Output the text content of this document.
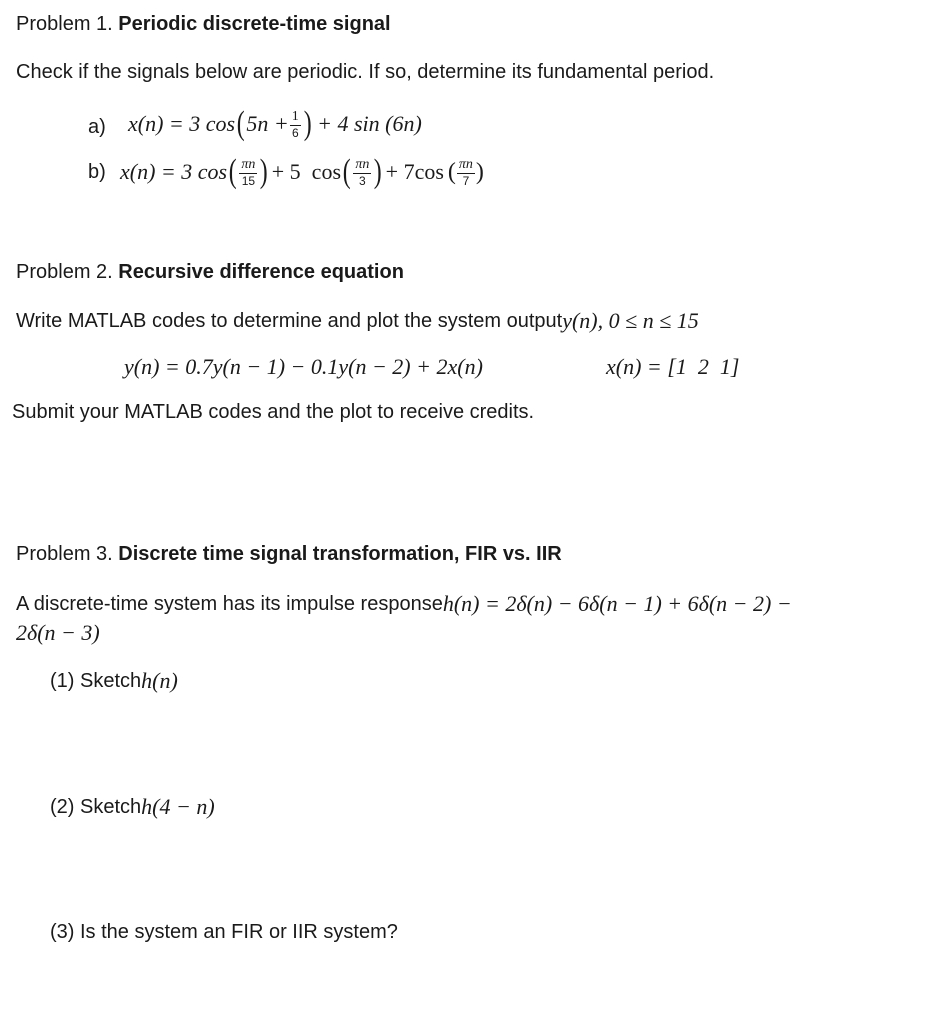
Problem 1. Periodic discrete-time signal
Check if the signals below are periodic. If so, determine its fundamental period.
a) x(n) = 3 cos ( $5n + \frac{1}{6}$ ) + 4 sin (6n)
b) x(n) = 3 cos ( $\frac{\pi n}{15}$ ) + 5  cos ( $\frac{\pi n}{3}$ ) + 7cos ( $\frac{\pi n}{7}$ )
Problem 2. Recursive difference equation
Write MATLAB codes to determine and plot the system outputy(n), 0 ≤ n ≤ 15
y(n) = 0.7y(n − 1) − 0.1y(n − 2) + 2x(n)	x(n) = [1  2  1]
Submit your MATLAB codes and the plot to receive credits.
Problem 3. Discrete time signal transformation, FIR vs. IIR
A discrete-time system has its impulse responseh(n) = 2δ(n) − 6δ(n − 1) + 6δ(n − 2) −
2δ(n − 3)
(1) Sketchh(n)
(2) Sketchh(4 − n)
(3) Is the system an FIR or IIR system?
